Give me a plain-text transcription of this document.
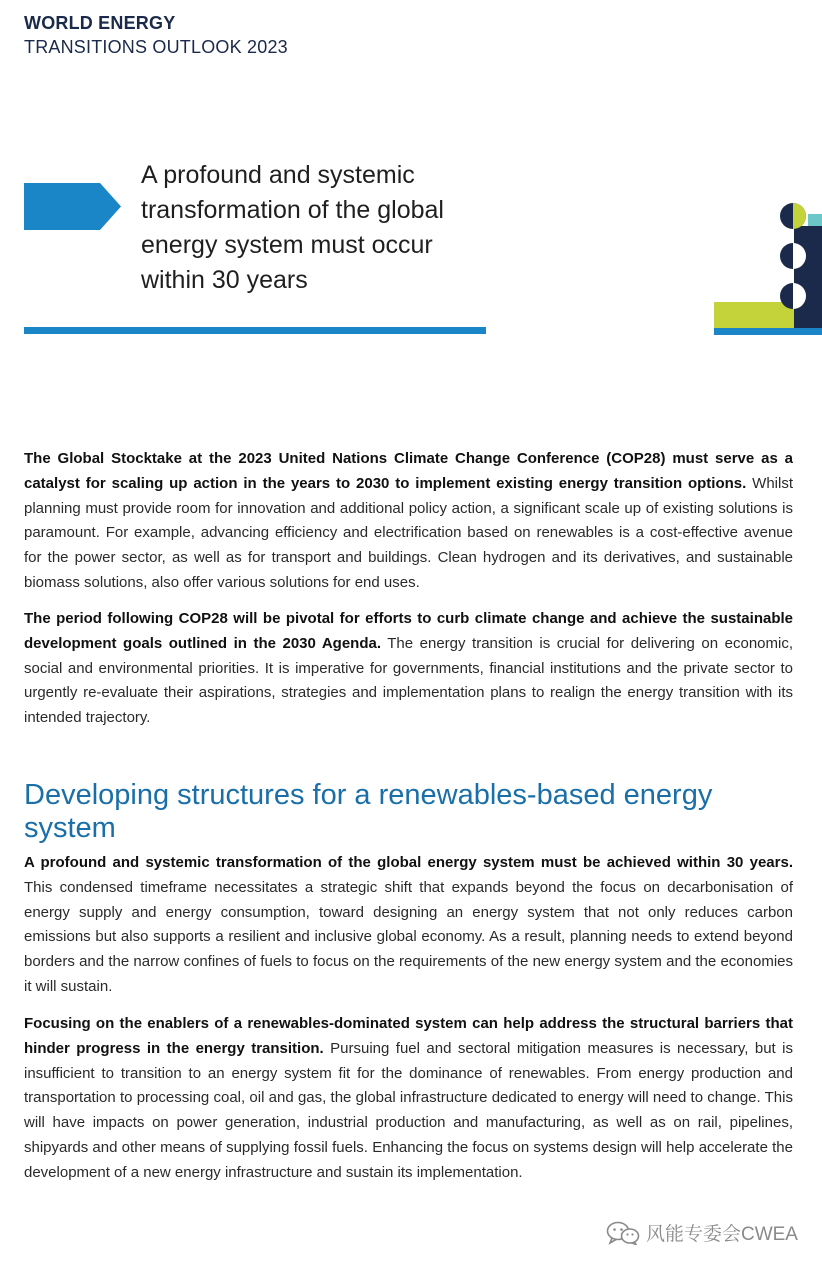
WORLD ENERGY
TRANSITIONS OUTLOOK 2023
A profound and systemic transformation of the global energy system must occur within 30 years

The Global Stocktake at the 2023 United Nations Climate Change Conference (COP28) must serve as a catalyst for scaling up action in the years to 2030 to implement existing energy transition options. Whilst planning must provide room for innovation and additional policy action, a significant scale up of existing solutions is paramount. For example, advancing efficiency and electrification based on renewables is a cost-effective avenue for the power sector, as well as for transport and buildings. Clean hydrogen and its derivatives, and sustainable biomass solutions, also offer various solutions for end uses.

The period following COP28 will be pivotal for efforts to curb climate change and achieve the sustainable development goals outlined in the 2030 Agenda. The energy transition is crucial for delivering on economic, social and environmental priorities. It is imperative for governments, financial institutions and the private sector to urgently re-evaluate their aspirations, strategies and implementation plans to realign the energy transition with its intended trajectory.

Developing structures for a renewables-based energy system

A profound and systemic transformation of the global energy system must be achieved within 30 years. This condensed timeframe necessitates a strategic shift that expands beyond the focus on decarbonisation of energy supply and energy consumption, toward designing an energy system that not only reduces carbon emissions but also supports a resilient and inclusive global economy. As a result, planning needs to extend beyond borders and the narrow confines of fuels to focus on the requirements of the new energy system and the economies it will sustain.

Focusing on the enablers of a renewables-dominated system can help address the structural barriers that hinder progress in the energy transition. Pursuing fuel and sectoral mitigation measures is necessary, but is insufficient to transition to an energy system fit for the dominance of renewables. From energy production and transportation to processing coal, oil and gas, the global infrastructure dedicated to energy will need to change. This will have impacts on power generation, industrial production and manufacturing, as well as on rail, pipelines, shipyards and other means of supplying fossil fuels. Enhancing the focus on systems design will help accelerate the development of a new energy infrastructure and sustain its implementation.

风能专委会CWEA
